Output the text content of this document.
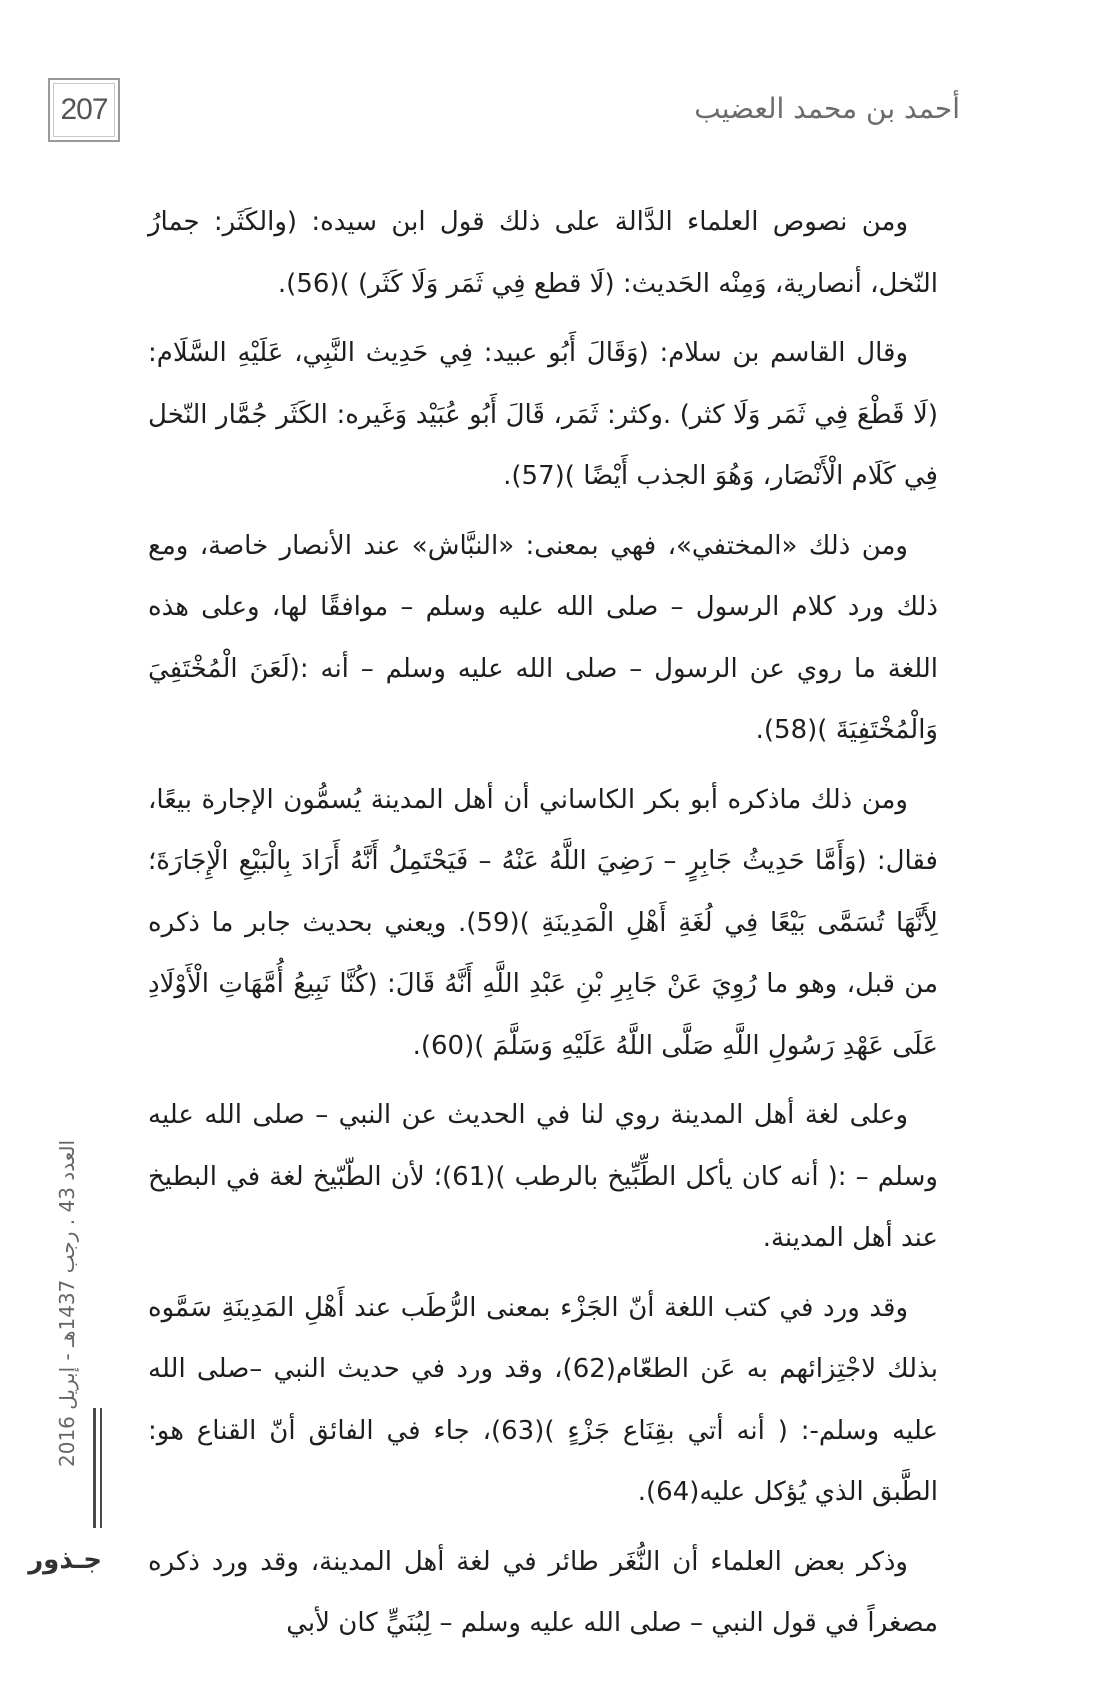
207	أحمد بن محمد العضيب

ومن نصوص العلماء الدَّالة على ذلك قول ابن سيده: (والكَثَر: جمارُ النّخل، أنصارية، وَمِنْه الحَديث: (لَا قطع فِي ثَمَر وَلَا كَثَر) )(56).

وقال القاسم بن سلام: (وَقَالَ أَبُو عبيد: فِي حَدِيث النَّبِي، عَلَيْهِ السَّلَام: (لَا قَطْعَ فِي ثَمَر وَلَا كثر) .وكثر: ثَمَر، قَالَ أَبُو عُبَيْد وَغَيره: الكَثَر جُمَّار النّخل فِي كَلَام الْأَنْصَار، وَهُوَ الجذب أَيْضًا )(57).

ومن ذلك «المختفي»، فهي بمعنى: «النبَّاش» عند الأنصار خاصة، ومع ذلك ورد كلام الرسول – صلى الله عليه وسلم – موافقًا لها، وعلى هذه اللغة ما روي عن الرسول – صلى الله عليه وسلم – أنه :(لَعَنَ الْمُخْتَفِيَ وَالْمُخْتَفِيَةَ )(58).

ومن ذلك ماذكره أبو بكر الكاساني أن أهل المدينة يُسمُّون الإجارة بيعًا، فقال: (وَأَمَّا حَدِيثُ جَابِرٍ – رَضِيَ اللَّهُ عَنْهُ – فَيَحْتَمِلُ أَنَّهُ أَرَادَ بِالْبَيْعِ الْإِجَارَةَ؛ لِأَنَّهَا تُسَمَّى بَيْعًا فِي لُغَةِ أَهْلِ الْمَدِينَةِ )(59). ويعني بحديث جابر ما ذكره من قبل، وهو ما رُوِيَ عَنْ جَابِرِ بْنِ عَبْدِ اللَّهِ أَنَّهُ قَالَ: (كُنَّا نَبِيعُ أُمَّهَاتِ الْأَوْلَادِ عَلَى عَهْدِ رَسُولِ اللَّهِ صَلَّى اللَّهُ عَلَيْهِ وَسَلَّمَ )(60).

وعلى لغة أهل المدينة روي لنا في الحديث عن النبي – صلى الله عليه وسلم – :( أنه كان يأكل الطِّبِّيخ بالرطب )(61)؛ لأن الطّبّيخ لغة في البطيخ عند أهل المدينة.

وقد ورد في كتب اللغة أنّ الجَزْء بمعنى الرُّطَب عند أَهْلِ المَدِينَةِ سَمَّوه بذلك لاجْتِزائهم به عَن الطعّام(62)، وقد ورد في حديث النبي –صلى الله عليه وسلم-: ( أنه أتي بقِنَاع جَزْءٍ )(63)، جاء في الفائق أنّ القناع هو: الطَّبق الذي يُؤكل عليه(64).

وذكر بعض العلماء أن النُّغَر طائر في لغة أهل المدينة، وقد ورد ذكره مصغراً في قول النبي – صلى الله عليه وسلم – لِبُنَيٍّ كان لأبي

العدد 43 . رجب 1437هـ - إبريل 2016
جـذور
